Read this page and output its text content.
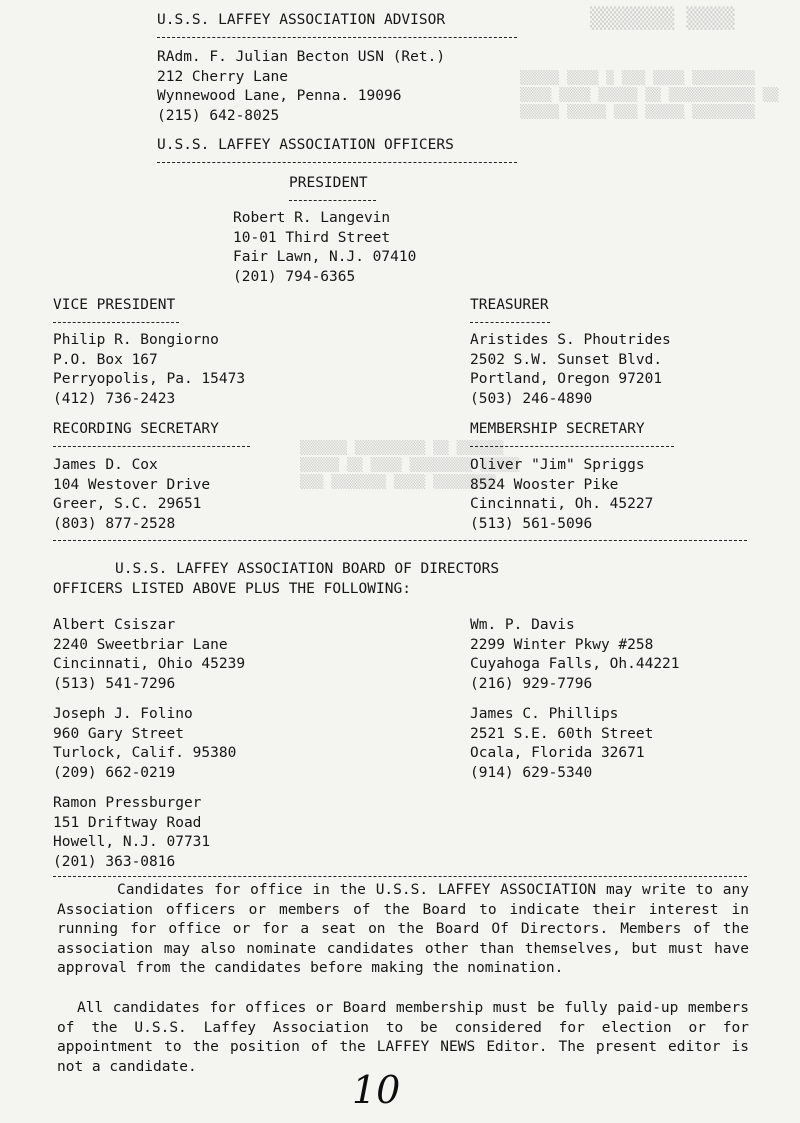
▒▒▒▒▒▒▒ ▒▒▒▒
▒▒▒▒▒ ▒▒▒▒ ▒ ▒▒▒ ▒▒▒▒ ▒▒▒▒▒▒▒▒
▒▒▒▒ ▒▒▒▒ ▒▒▒▒▒ ▒▒ ▒▒▒▒▒▒▒▒▒▒▒ ▒▒
▒▒▒▒▒ ▒▒▒▒▒ ▒▒▒ ▒▒▒▒▒ ▒▒▒▒▒▒▒▒
▒▒▒▒▒▒ ▒▒▒▒▒▒▒▒▒ ▒▒ ▒▒▒▒▒▒
▒▒▒▒▒ ▒▒ ▒▒▒▒ ▒▒▒▒▒▒▒▒ ▒▒▒▒▒
▒▒▒ ▒▒▒▒▒▒▒ ▒▒▒▒ ▒▒▒▒▒▒▒▒
U.S.S. LAFFEY ASSOCIATION ADVISOR
RAdm. F. Julian Becton USN (Ret.)
212 Cherry Lane
Wynnewood Lane, Penna. 19096
(215) 642-8025
U.S.S. LAFFEY ASSOCIATION OFFICERS
PRESIDENT
Robert R. Langevin
10-01 Third Street
Fair Lawn, N.J. 07410
(201) 794-6365
VICE PRESIDENT
Philip R. Bongiorno
P.O. Box 167
Perryopolis, Pa. 15473
(412) 736-2423
TREASURER
Aristides S. Phoutrides
2502 S.W. Sunset Blvd.
Portland, Oregon 97201
(503) 246-4890
RECORDING SECRETARY
James D. Cox
104 Westover Drive
Greer, S.C. 29651
(803) 877-2528
MEMBERSHIP SECRETARY
Oliver "Jim" Spriggs
8524 Wooster Pike
Cincinnati, Oh. 45227
(513) 561-5096
U.S.S. LAFFEY ASSOCIATION BOARD OF DIRECTORS
OFFICERS LISTED ABOVE PLUS THE FOLLOWING:
Albert Csiszar
2240 Sweetbriar Lane
Cincinnati, Ohio 45239
(513) 541-7296
Wm. P. Davis
2299 Winter Pkwy #258
Cuyahoga Falls, Oh.44221
(216) 929-7796
Joseph J. Folino
960 Gary Street
Turlock, Calif. 95380
(209) 662-0219
James C. Phillips
2521 S.E. 60th Street
Ocala, Florida 32671
(914) 629-5340
Ramon Pressburger
151 Driftway Road
Howell, N.J. 07731
(201) 363-0816
Candidates for office in the U.S.S. LAFFEY ASSOCIATION may write to any Association officers or members of the Board to indicate their interest in running for office or for a seat on the Board Of Directors. Members of the association may also nominate candidates other than themselves, but must have approval from the candidates before making the nomination.
All candidates for offices or Board membership must be fully paid-up members of the U.S.S. Laffey Association to be considered for election or for appointment to the position of the LAFFEY NEWS Editor. The present editor is not a candidate.
10
